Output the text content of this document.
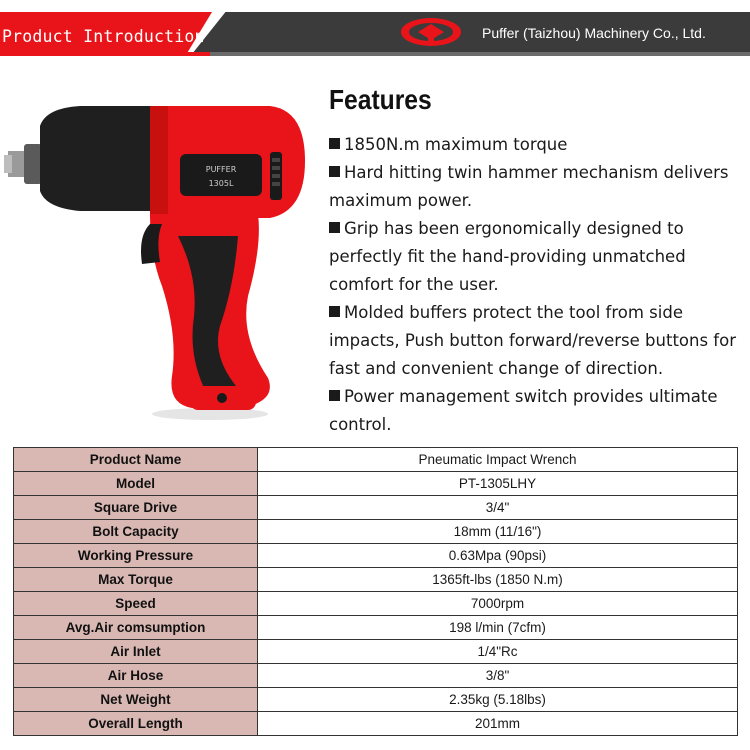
Product Introduction	Puffer (Taizhou) Machinery Co., Ltd.
PUFFER
1305L
Features
1850N.m maximum torque
Hard hitting twin hammer mechanism delivers maximum power.
Grip has been ergonomically designed to perfectly fit the hand-providing unmatched comfort for the user.
Molded buffers protect the tool from side impacts, Push button forward/reverse buttons for fast and convenient change of direction.
Power management switch provides ultimate control.
Product Name	Pneumatic Impact Wrench
Model	PT-1305LHY
Square Drive	3/4"
Bolt Capacity	18mm (11/16")
Working Pressure	0.63Mpa (90psi)
Max Torque	1365ft-lbs (1850 N.m)
Speed	7000rpm
Avg.Air comsumption	198 l/min (7cfm)
Air Inlet	1/4"Rc
Air Hose	3/8"
Net Weight	2.35kg (5.18lbs)
Overall Length	201mm
